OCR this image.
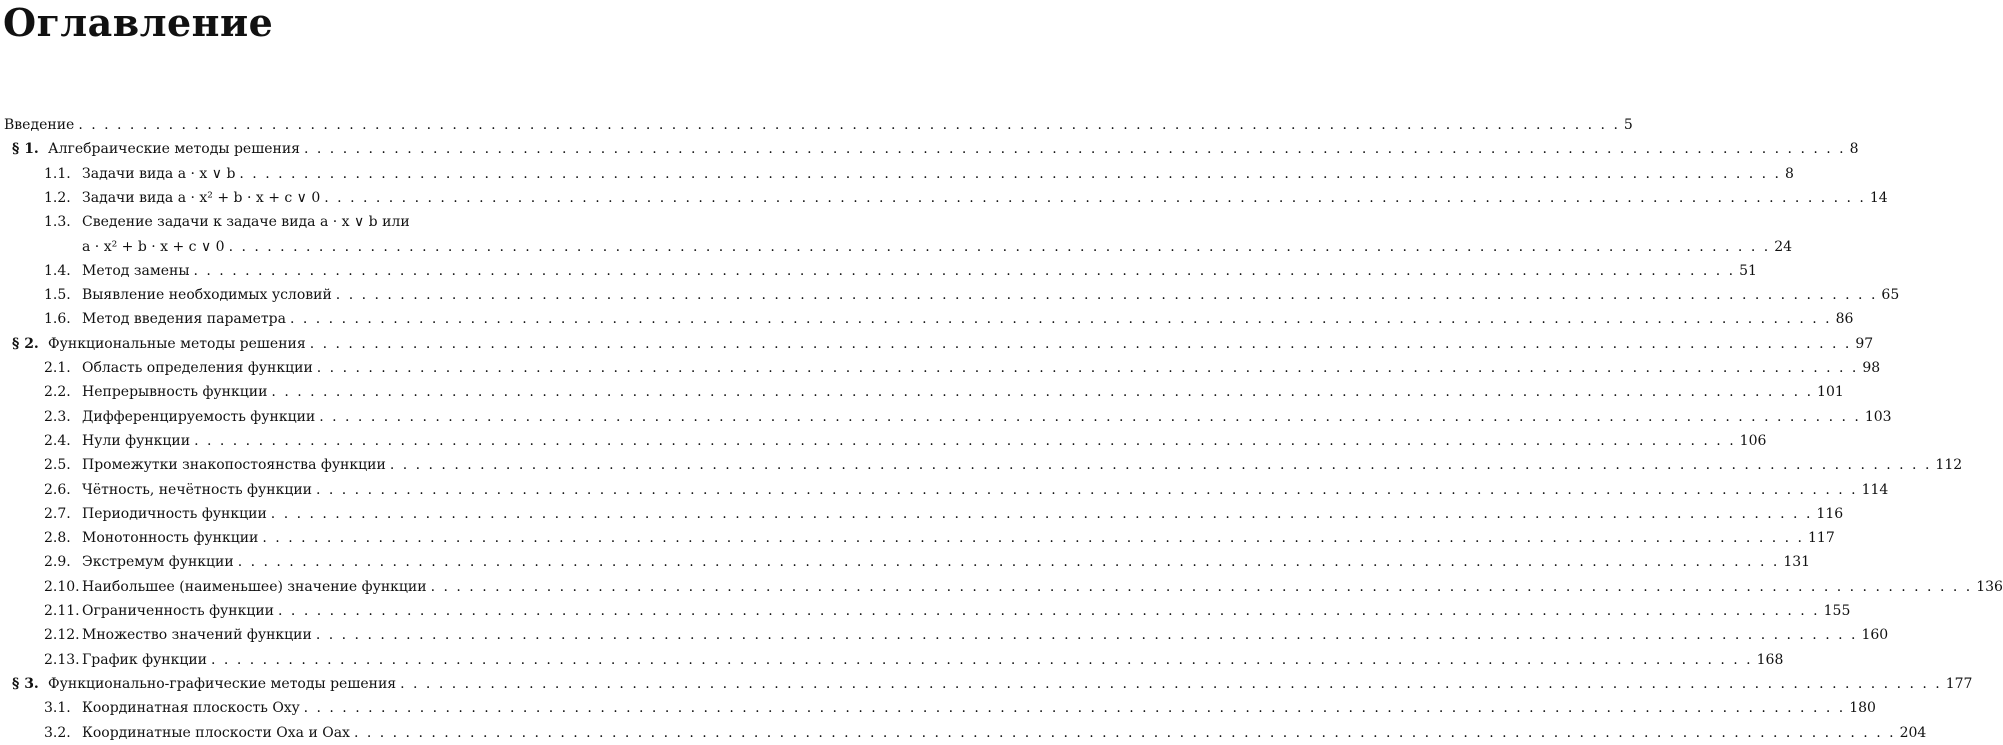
Оглавление
Введение . . . . . . . . . . . . . . . . . . . . . . . . . . . . . . . . . . . . . . . . . . . . . . . . . . . . . . . . . . . . . . . . . . . . . . . . . . . . . . . . . . . . . . . . . . . . . . . . . . . . . . . . . . . . . . . . . . . . . . . . 5
§ 1. Алгебраические методы решения . . . . . . . . . . . . . . . . . . . . . . . . . . . . . . . . . . . . . . . . . . . . . . . . . . . . . . . . . . . . . . . . . . . . . . . . . . . . . . . . . . . . . . . . . . . . . . . . . . . . . . . . . . . . . . . . . . . . . . . . 8
1.1. Задачи вида a · x ∨ b . . . . . . . . . . . . . . . . . . . . . . . . . . . . . . . . . . . . . . . . . . . . . . . . . . . . . . . . . . . . . . . . . . . . . . . . . . . . . . . . . . . . . . . . . . . . . . . . . . . . . . . . . . . . . . . . . . . . . . . . 8
1.2. Задачи вида a · x² + b · x + c ∨ 0 . . . . . . . . . . . . . . . . . . . . . . . . . . . . . . . . . . . . . . . . . . . . . . . . . . . . . . . . . . . . . . . . . . . . . . . . . . . . . . . . . . . . . . . . . . . . . . . . . . . . . . . . . . . . . . . . . . . . . . . . 14
1.3. Сведение задачи к задаче вида a · x ∨ b или
a · x² + b · x + c ∨ 0 . . . . . . . . . . . . . . . . . . . . . . . . . . . . . . . . . . . . . . . . . . . . . . . . . . . . . . . . . . . . . . . . . . . . . . . . . . . . . . . . . . . . . . . . . . . . . . . . . . . . . . . . . . . . . . . . . . . . . . . . 24
1.4. Метод замены . . . . . . . . . . . . . . . . . . . . . . . . . . . . . . . . . . . . . . . . . . . . . . . . . . . . . . . . . . . . . . . . . . . . . . . . . . . . . . . . . . . . . . . . . . . . . . . . . . . . . . . . . . . . . . . . . . . . . . . . 51
1.5. Выявление необходимых условий . . . . . . . . . . . . . . . . . . . . . . . . . . . . . . . . . . . . . . . . . . . . . . . . . . . . . . . . . . . . . . . . . . . . . . . . . . . . . . . . . . . . . . . . . . . . . . . . . . . . . . . . . . . . . . . . . . . . . . . . 65
1.6. Метод введения параметра . . . . . . . . . . . . . . . . . . . . . . . . . . . . . . . . . . . . . . . . . . . . . . . . . . . . . . . . . . . . . . . . . . . . . . . . . . . . . . . . . . . . . . . . . . . . . . . . . . . . . . . . . . . . . . . . . . . . . . . . 86
§ 2. Функциональные методы решения . . . . . . . . . . . . . . . . . . . . . . . . . . . . . . . . . . . . . . . . . . . . . . . . . . . . . . . . . . . . . . . . . . . . . . . . . . . . . . . . . . . . . . . . . . . . . . . . . . . . . . . . . . . . . . . . . . . . . . . . 97
2.1. Область определения функции . . . . . . . . . . . . . . . . . . . . . . . . . . . . . . . . . . . . . . . . . . . . . . . . . . . . . . . . . . . . . . . . . . . . . . . . . . . . . . . . . . . . . . . . . . . . . . . . . . . . . . . . . . . . . . . . . . . . . . . . 98
2.2. Непрерывность функции . . . . . . . . . . . . . . . . . . . . . . . . . . . . . . . . . . . . . . . . . . . . . . . . . . . . . . . . . . . . . . . . . . . . . . . . . . . . . . . . . . . . . . . . . . . . . . . . . . . . . . . . . . . . . . . . . . . . . . . . 101
2.3. Дифференцируемость функции . . . . . . . . . . . . . . . . . . . . . . . . . . . . . . . . . . . . . . . . . . . . . . . . . . . . . . . . . . . . . . . . . . . . . . . . . . . . . . . . . . . . . . . . . . . . . . . . . . . . . . . . . . . . . . . . . . . . . . . . 103
2.4. Нули функции . . . . . . . . . . . . . . . . . . . . . . . . . . . . . . . . . . . . . . . . . . . . . . . . . . . . . . . . . . . . . . . . . . . . . . . . . . . . . . . . . . . . . . . . . . . . . . . . . . . . . . . . . . . . . . . . . . . . . . . . 106
2.5. Промежутки знакопостоянства функции . . . . . . . . . . . . . . . . . . . . . . . . . . . . . . . . . . . . . . . . . . . . . . . . . . . . . . . . . . . . . . . . . . . . . . . . . . . . . . . . . . . . . . . . . . . . . . . . . . . . . . . . . . . . . . . . . . . . . . . . 112
2.6. Чётность, нечётность функции . . . . . . . . . . . . . . . . . . . . . . . . . . . . . . . . . . . . . . . . . . . . . . . . . . . . . . . . . . . . . . . . . . . . . . . . . . . . . . . . . . . . . . . . . . . . . . . . . . . . . . . . . . . . . . . . . . . . . . . . 114
2.7. Периодичность функции . . . . . . . . . . . . . . . . . . . . . . . . . . . . . . . . . . . . . . . . . . . . . . . . . . . . . . . . . . . . . . . . . . . . . . . . . . . . . . . . . . . . . . . . . . . . . . . . . . . . . . . . . . . . . . . . . . . . . . . . 116
2.8. Монотонность функции . . . . . . . . . . . . . . . . . . . . . . . . . . . . . . . . . . . . . . . . . . . . . . . . . . . . . . . . . . . . . . . . . . . . . . . . . . . . . . . . . . . . . . . . . . . . . . . . . . . . . . . . . . . . . . . . . . . . . . . . 117
2.9. Экстремум функции . . . . . . . . . . . . . . . . . . . . . . . . . . . . . . . . . . . . . . . . . . . . . . . . . . . . . . . . . . . . . . . . . . . . . . . . . . . . . . . . . . . . . . . . . . . . . . . . . . . . . . . . . . . . . . . . . . . . . . . . 131
2.10. Наибольшее (наименьшее) значение функции . . . . . . . . . . . . . . . . . . . . . . . . . . . . . . . . . . . . . . . . . . . . . . . . . . . . . . . . . . . . . . . . . . . . . . . . . . . . . . . . . . . . . . . . . . . . . . . . . . . . . . . . . . . . . . . . . . . . . . . . 136
2.11. Ограниченность функции . . . . . . . . . . . . . . . . . . . . . . . . . . . . . . . . . . . . . . . . . . . . . . . . . . . . . . . . . . . . . . . . . . . . . . . . . . . . . . . . . . . . . . . . . . . . . . . . . . . . . . . . . . . . . . . . . . . . . . . . 155
2.12. Множество значений функции . . . . . . . . . . . . . . . . . . . . . . . . . . . . . . . . . . . . . . . . . . . . . . . . . . . . . . . . . . . . . . . . . . . . . . . . . . . . . . . . . . . . . . . . . . . . . . . . . . . . . . . . . . . . . . . . . . . . . . . . 160
2.13. График функции . . . . . . . . . . . . . . . . . . . . . . . . . . . . . . . . . . . . . . . . . . . . . . . . . . . . . . . . . . . . . . . . . . . . . . . . . . . . . . . . . . . . . . . . . . . . . . . . . . . . . . . . . . . . . . . . . . . . . . . . 168
§ 3. Функционально-графические методы решения . . . . . . . . . . . . . . . . . . . . . . . . . . . . . . . . . . . . . . . . . . . . . . . . . . . . . . . . . . . . . . . . . . . . . . . . . . . . . . . . . . . . . . . . . . . . . . . . . . . . . . . . . . . . . . . . . . . . . . . . 177
3.1. Координатная плоскость Oxy . . . . . . . . . . . . . . . . . . . . . . . . . . . . . . . . . . . . . . . . . . . . . . . . . . . . . . . . . . . . . . . . . . . . . . . . . . . . . . . . . . . . . . . . . . . . . . . . . . . . . . . . . . . . . . . . . . . . . . . . 180
3.2. Координатные плоскости Oxa и Oax . . . . . . . . . . . . . . . . . . . . . . . . . . . . . . . . . . . . . . . . . . . . . . . . . . . . . . . . . . . . . . . . . . . . . . . . . . . . . . . . . . . . . . . . . . . . . . . . . . . . . . . . . . . . . . . . . . . . . . . . 204
